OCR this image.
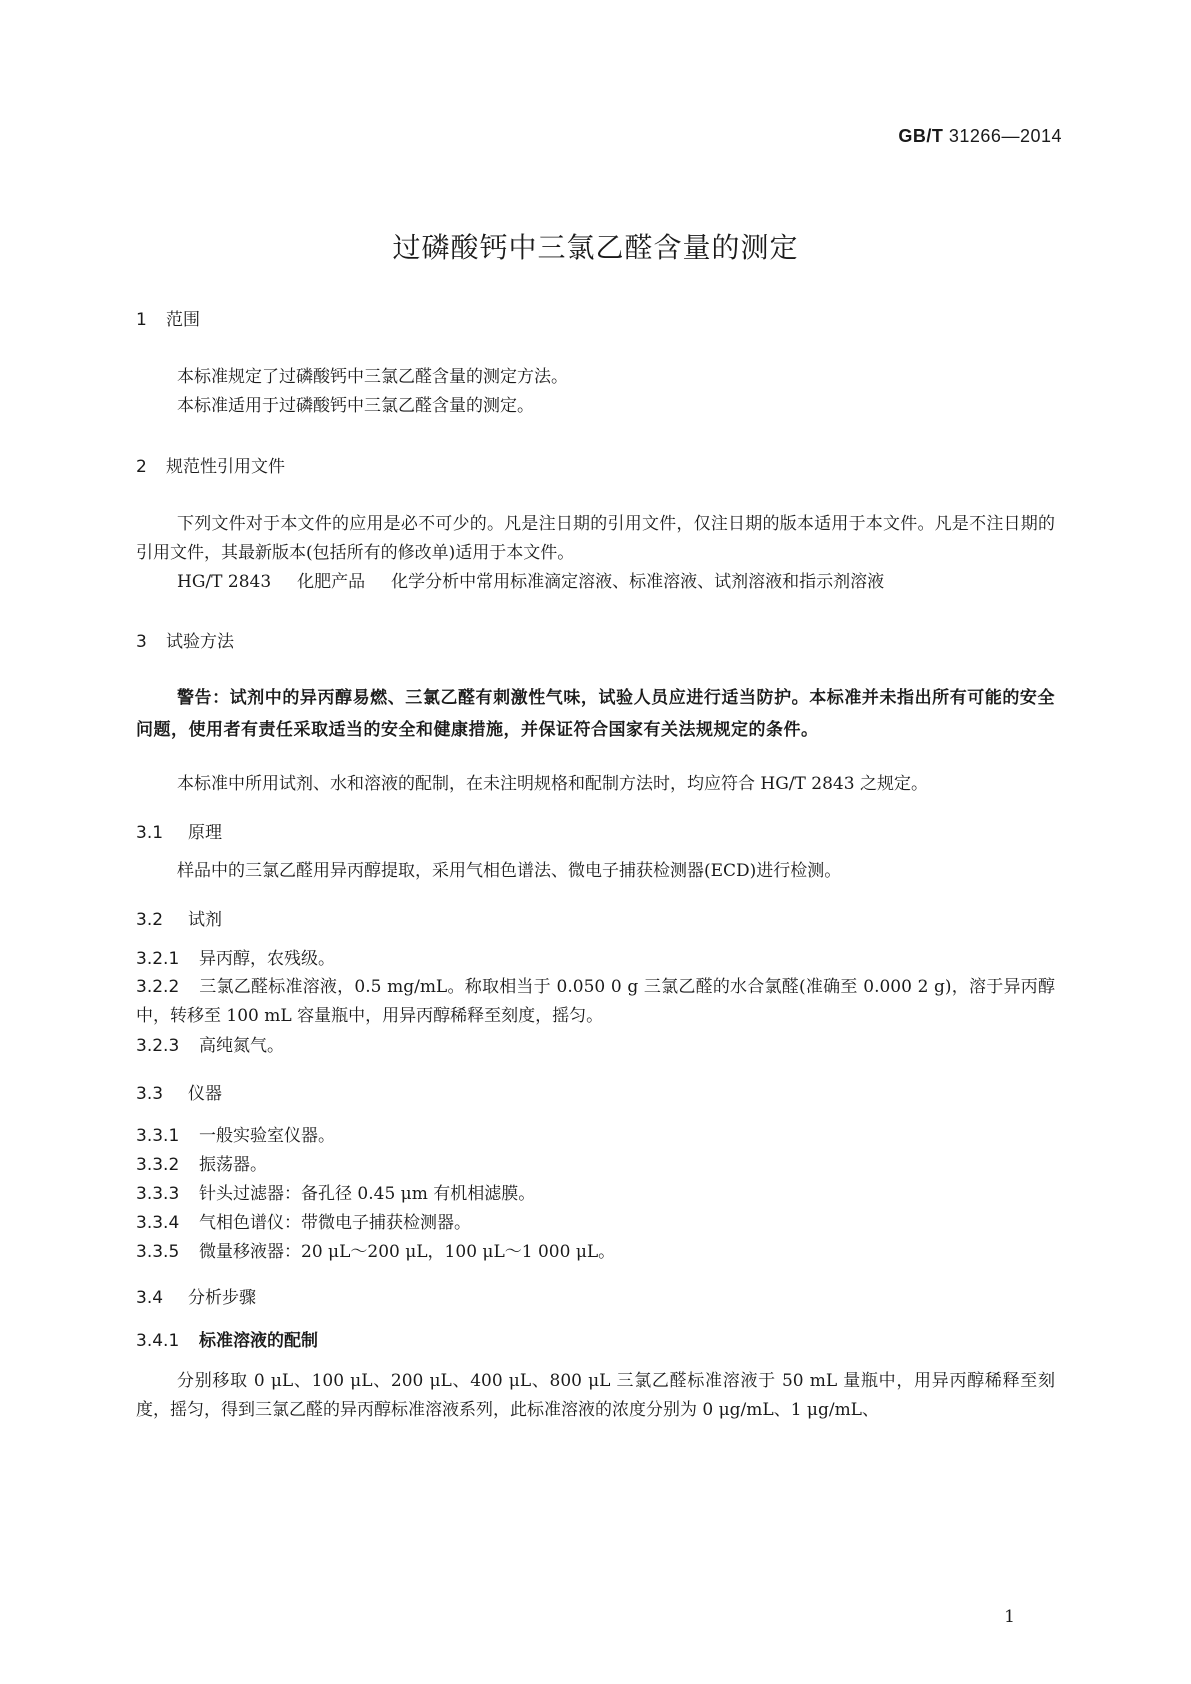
GB/T 31266—2014
过磷酸钙中三氯乙醛含量的测定
1 范围
本标准规定了过磷酸钙中三氯乙醛含量的测定方法。
本标准适用于过磷酸钙中三氯乙醛含量的测定。
2 规范性引用文件
下列文件对于本文件的应用是必不可少的。凡是注日期的引用文件，仅注日期的版本适用于本文件。凡是不注日期的引用文件，其最新版本(包括所有的修改单)适用于本文件。
HG/T 2843 化肥产品 化学分析中常用标准滴定溶液、标准溶液、试剂溶液和指示剂溶液
3 试验方法
警告：试剂中的异丙醇易燃、三氯乙醛有刺激性气味，试验人员应进行适当防护。本标准并未指出所有可能的安全问题，使用者有责任采取适当的安全和健康措施，并保证符合国家有关法规规定的条件。
本标准中所用试剂、水和溶液的配制，在未注明规格和配制方法时，均应符合 HG/T 2843 之规定。
3.1 原理
样品中的三氯乙醛用异丙醇提取，采用气相色谱法、微电子捕获检测器(ECD)进行检测。
3.2 试剂
3.2.1 异丙醇，农残级。
3.2.2 三氯乙醛标准溶液，0.5 mg/mL。称取相当于 0.050 0 g 三氯乙醛的水合氯醛(准确至 0.000 2 g)，溶于异丙醇中，转移至 100 mL 容量瓶中，用异丙醇稀释至刻度，摇匀。
3.2.3 高纯氮气。
3.3 仪器
3.3.1 一般实验室仪器。
3.3.2 振荡器。
3.3.3 针头过滤器：备孔径 0.45 μm 有机相滤膜。
3.3.4 气相色谱仪：带微电子捕获检测器。
3.3.5 微量移液器：20 μL～200 μL，100 μL～1 000 μL。
3.4 分析步骤
3.4.1 标准溶液的配制
分别移取 0 μL、100 μL、200 μL、400 μL、800 μL 三氯乙醛标准溶液于 50 mL 量瓶中，用异丙醇稀释至刻度，摇匀，得到三氯乙醛的异丙醇标准溶液系列，此标准溶液的浓度分别为 0 μg/mL、1 μg/mL、
1
